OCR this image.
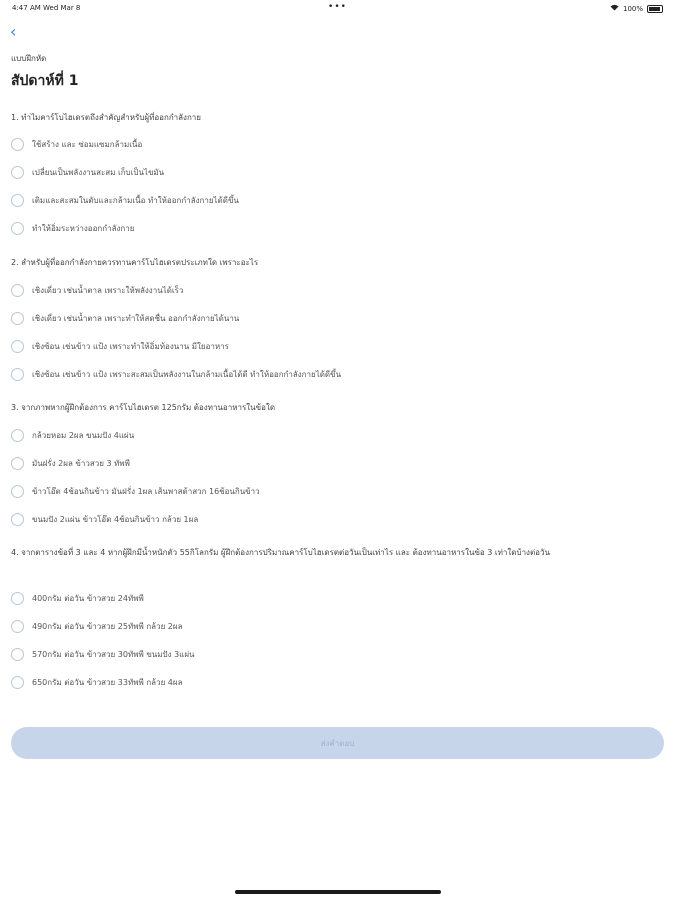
4:47 AM Wed Mar 8	•••	100%
‹
แบบฝึกหัด
สัปดาห์ที่ 1
1. ทำไมคาร์โบไฮเดรตถึงสำคัญสำหรับผู้ที่ออกกำลังกาย
ใช้สร้าง และ ซ่อมแซมกล้ามเนื้อ
เปลี่ยนเป็นพลังงานสะสม เก็บเป็นไขมัน
เติมและสะสมในตับและกล้ามเนื้อ ทำให้ออกกำลังกายได้ดีขึ้น
ทำให้อิ่มระหว่างออกกำลังกาย
2. สำหรับผู้ที่ออกกำลังกายควรทานคาร์โบไฮเดรตประเภทใด เพราะอะไร
เชิงเดี่ยว เช่นน้ำตาล เพราะให้พลังงานได้เร็ว
เชิงเดี่ยว เช่นน้ำตาล เพราะทำให้สดชื่น ออกกำลังกายได้นาน
เชิงซ้อน เช่นข้าว แป้ง เพราะทำให้อิ่มท้องนาน มีใยอาหาร
เชิงซ้อน เช่นข้าว แป้ง เพราะสะสมเป็นพลังงานในกล้ามเนื้อได้ดี ทำให้ออกกำลังกายได้ดีขึ้น
3. จากภาพหากผู้ฝึกต้องการ คาร์โบไฮเดรต 125กรัม ต้องทานอาหารในข้อใด
กล้วยหอม 2ผล ขนมปัง 4แผ่น
มันฝรั่ง 2ผล ข้าวสวย 3 ทัพพี
ข้าวโอ๊ต 4ช้อนกินข้าว มันฝรั่ง 1ผล เส้นพาสต้าสวก 16ช้อนกินข้าว
ขนมปัง 2แผ่น ข้าวโอ๊ต 4ช้อนกินข้าว กล้วย 1ผล
4. จากตารางข้อที่ 3 และ 4 หากผู้ฝึกมีน้ำหนักตัว 55กิโลกรัม ผู้ฝึกต้องการปริมาณคาร์โบไฮเดรตต่อวันเป็นเท่าไร และ ต้องทานอาหารในข้อ 3 เท่าใดบ้างต่อวัน
400กรัม ต่อวัน ข้าวสวย 24ทัพพี
490กรัม ต่อวัน ข้าวสวย 25ทัพพี กล้วย 2ผล
570กรัม ต่อวัน ข้าวสวย 30ทัพพี ขนมปัง 3แผ่น
650กรัม ต่อวัน ข้าวสวย 33ทัพพี กล้วย 4ผล
ส่งคำตอบ
